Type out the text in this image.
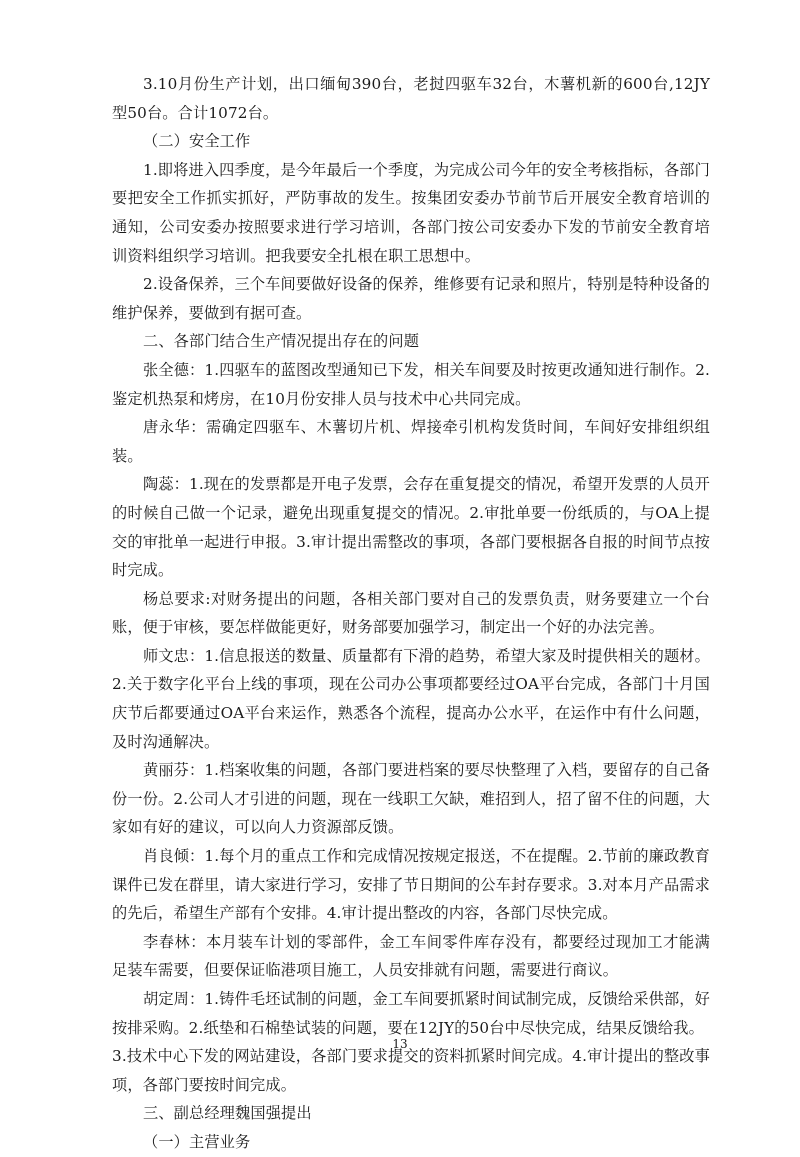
3.10月份生产计划，出口缅甸390台，老挝四驱车32台，木薯机新的600台,12JY型50台。合计1072台。

（二）安全工作

1.即将进入四季度，是今年最后一个季度，为完成公司今年的安全考核指标，各部门要把安全工作抓实抓好，严防事故的发生。按集团安委办节前节后开展安全教育培训的通知，公司安委办按照要求进行学习培训，各部门按公司安委办下发的节前安全教育培训资料组织学习培训。把我要安全扎根在职工思想中。

2.设备保养，三个车间要做好设备的保养，维修要有记录和照片，特别是特种设备的维护保养，要做到有据可查。

二、各部门结合生产情况提出存在的问题

张全德：1.四驱车的蓝图改型通知已下发，相关车间要及时按更改通知进行制作。2.鉴定机热泵和烤房，在10月份安排人员与技术中心共同完成。

唐永华：需确定四驱车、木薯切片机、焊接牵引机构发货时间，车间好安排组织组装。

陶蕊：1.现在的发票都是开电子发票，会存在重复提交的情况，希望开发票的人员开的时候自己做一个记录，避免出现重复提交的情况。2.审批单要一份纸质的，与OA上提交的审批单一起进行申报。3.审计提出需整改的事项，各部门要根据各自报的时间节点按时完成。

杨总要求:对财务提出的问题，各相关部门要对自己的发票负责，财务要建立一个台账，便于审核，要怎样做能更好，财务部要加强学习，制定出一个好的办法完善。

师文忠：1.信息报送的数量、质量都有下滑的趋势，希望大家及时提供相关的题材。2.关于数字化平台上线的事项，现在公司办公事项都要经过OA平台完成，各部门十月国庆节后都要通过OA平台来运作，熟悉各个流程，提高办公水平，在运作中有什么问题，及时沟通解决。

黄丽芬：1.档案收集的问题，各部门要进档案的要尽快整理了入档，要留存的自己备份一份。2.公司人才引进的问题，现在一线职工欠缺，难招到人，招了留不住的问题，大家如有好的建议，可以向人力资源部反馈。

肖良倾：1.每个月的重点工作和完成情况按规定报送，不在提醒。2.节前的廉政教育课件已发在群里，请大家进行学习，安排了节日期间的公车封存要求。3.对本月产品需求的先后，希望生产部有个安排。4.审计提出整改的内容，各部门尽快完成。

李春林：本月装车计划的零部件，金工车间零件库存没有，都要经过现加工才能满足装车需要，但要保证临港项目施工，人员安排就有问题，需要进行商议。

胡定周：1.铸件毛坯试制的问题，金工车间要抓紧时间试制完成，反馈给采供部，好按排采购。2.纸垫和石棉垫试装的问题，要在12JY的50台中尽快完成，结果反馈给我。

3.技术中心下发的网站建设，各部门要求提交的资料抓紧时间完成。4.审计提出的整改事项，各部门要按时间完成。

三、副总经理魏国强提出

（一）主营业务

13
